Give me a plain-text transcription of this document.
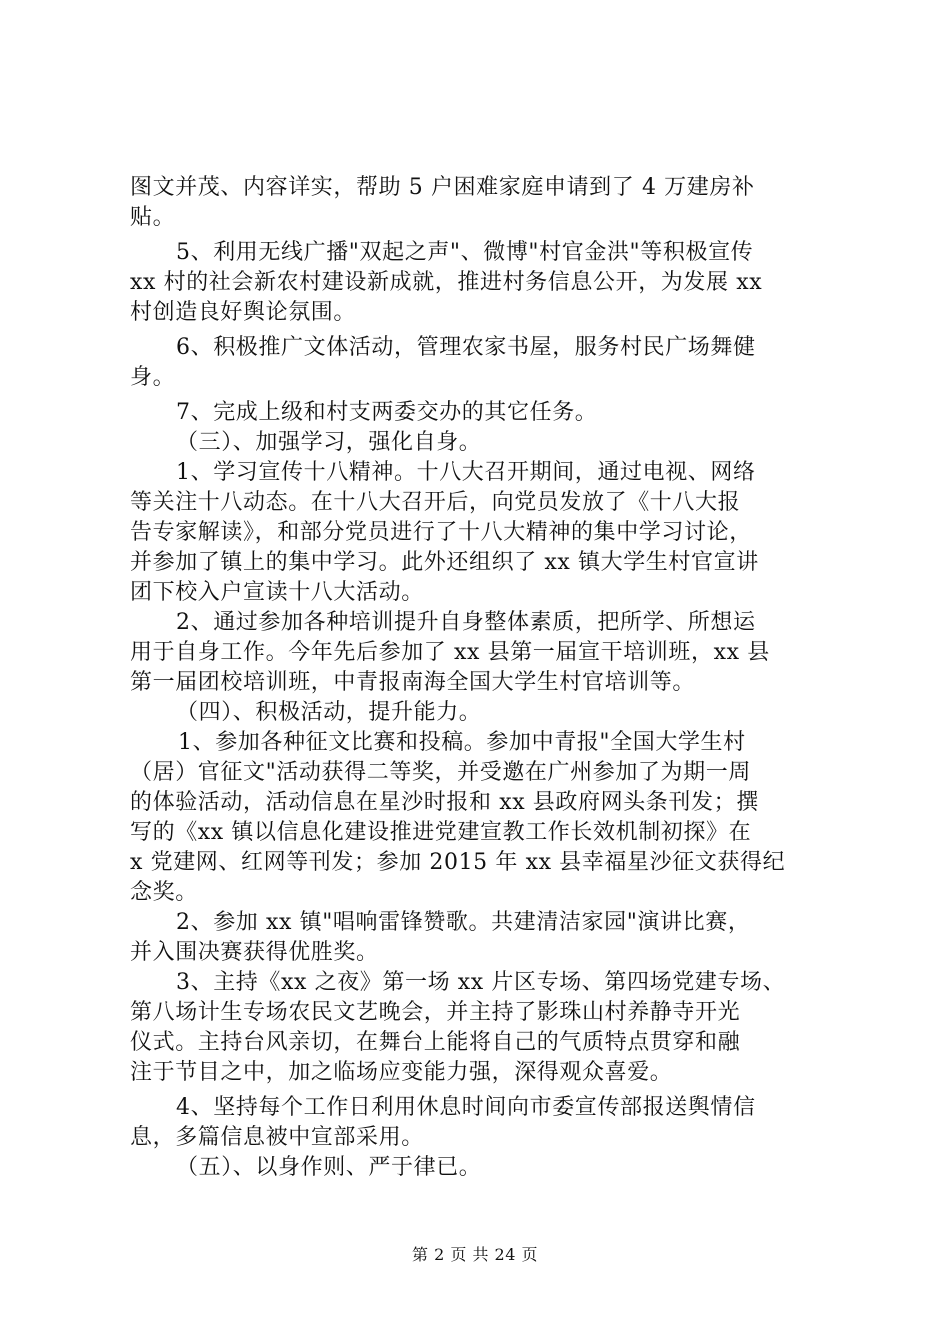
图文并茂、内容详实，帮助 5 户困难家庭申请到了 4 万建房补
贴。
5、利用无线广播"双起之声"、微博"村官金洪"等积极宣传
xx 村的社会新农村建设新成就，推进村务信息公开，为发展 xx
村创造良好舆论氛围。
6、积极推广文体活动，管理农家书屋，服务村民广场舞健
身。
7、完成上级和村支两委交办的其它任务。
（三）、加强学习，强化自身。
1、学习宣传十八精神。十八大召开期间，通过电视、网络
等关注十八动态。在十八大召开后，向党员发放了《十八大报
告专家解读》，和部分党员进行了十八大精神的集中学习讨论，
并参加了镇上的集中学习。此外还组织了 xx 镇大学生村官宣讲
团下校入户宣读十八大活动。
2、通过参加各种培训提升自身整体素质，把所学、所想运
用于自身工作。今年先后参加了 xx 县第一届宣干培训班，xx 县
第一届团校培训班，中青报南海全国大学生村官培训等。
（四）、积极活动，提升能力。
1、参加各种征文比赛和投稿。参加中青报"全国大学生村
（居）官征文"活动获得二等奖，并受邀在广州参加了为期一周
的体验活动，活动信息在星沙时报和 xx 县政府网头条刊发；撰
写的《xx 镇以信息化建设推进党建宣教工作长效机制初探》在
x 党建网、红网等刊发；参加 2015 年 xx 县幸福星沙征文获得纪
念奖。
2、参加 xx 镇"唱响雷锋赞歌。共建清洁家园"演讲比赛，
并入围决赛获得优胜奖。
3、主持《xx 之夜》第一场 xx 片区专场、第四场党建专场、
第八场计生专场农民文艺晚会，并主持了影珠山村养静寺开光
仪式。主持台风亲切，在舞台上能将自己的气质特点贯穿和融
注于节目之中，加之临场应变能力强，深得观众喜爱。
4、坚持每个工作日利用休息时间向市委宣传部报送舆情信
息，多篇信息被中宣部采用。
（五）、以身作则、严于律已。
第 2 页 共 24 页
